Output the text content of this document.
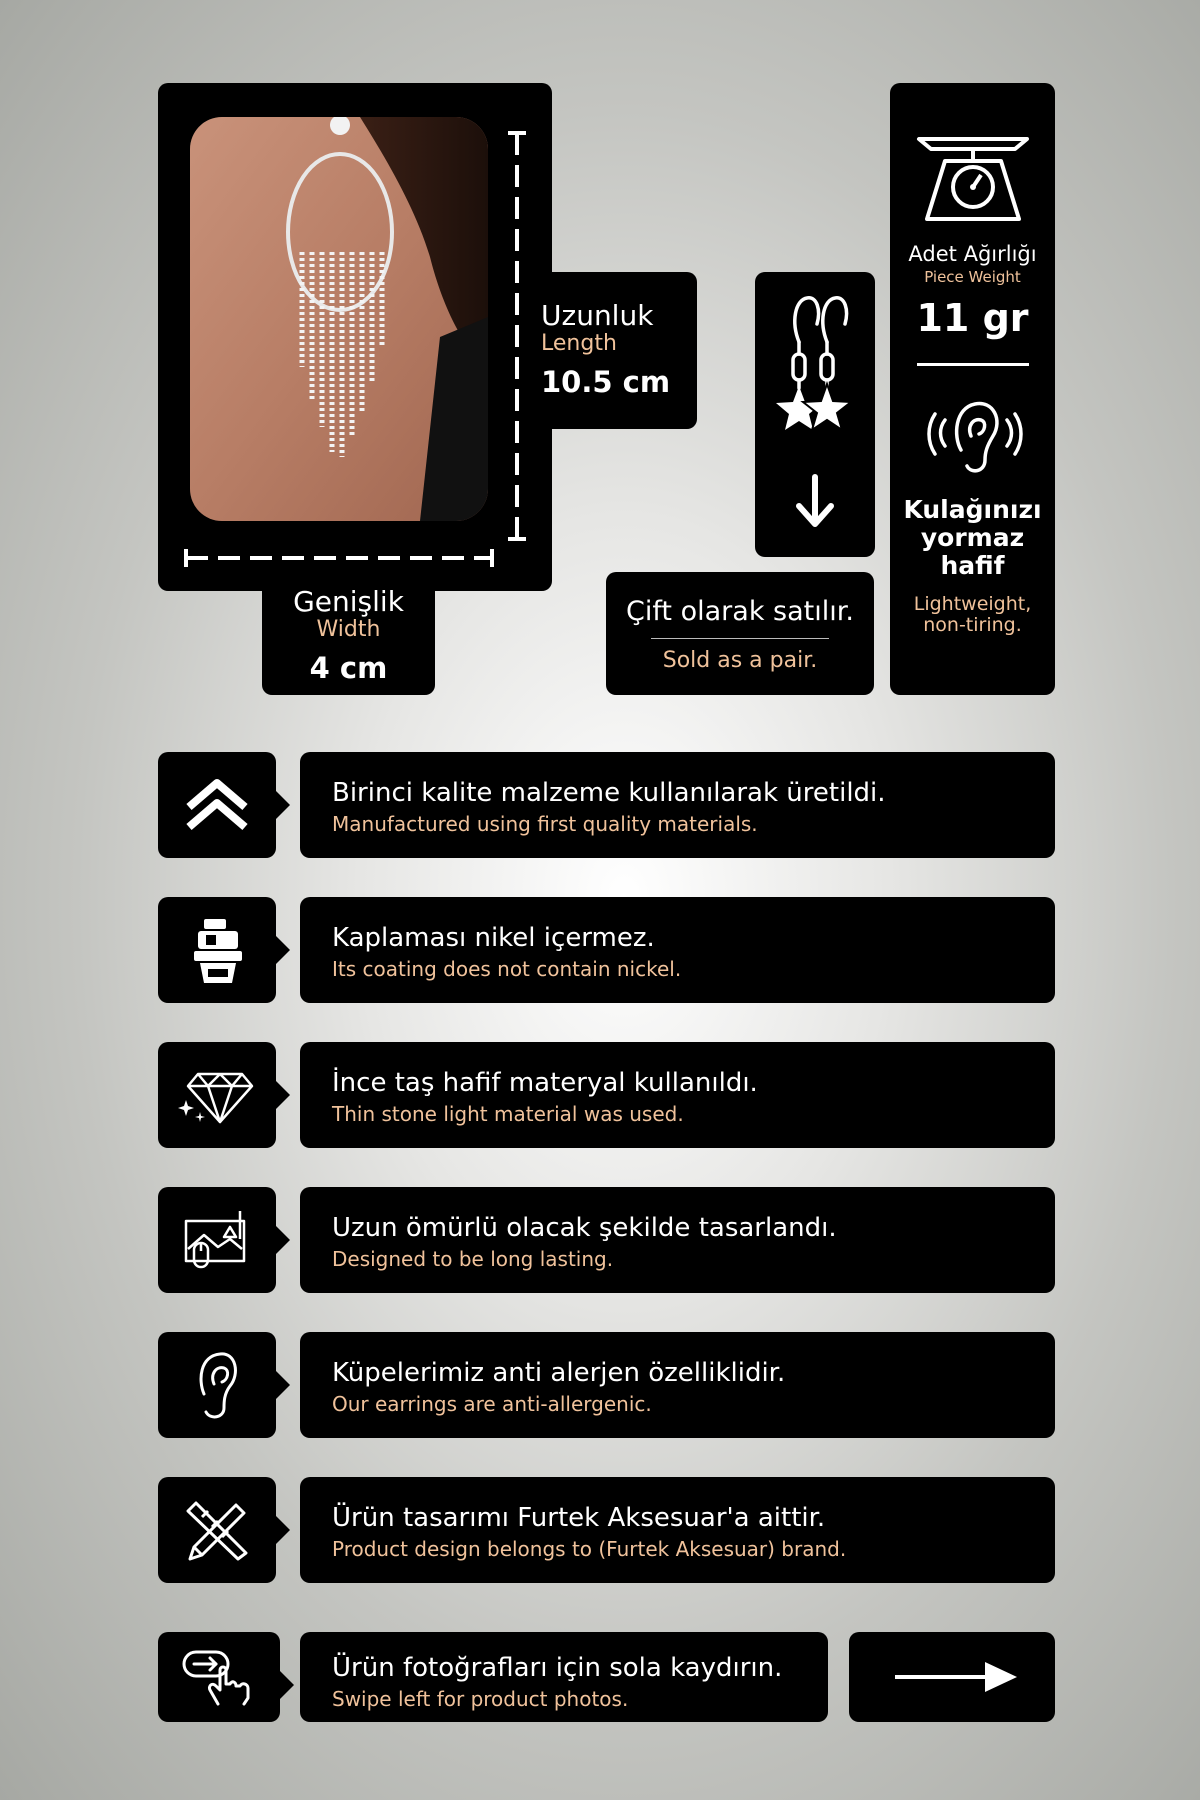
Uzunluk
Length
10.5 cm
Genişlik
Width
4 cm
Çift olarak satılır.
Sold as a pair.
Adet Ağırlığı
Piece Weight
11 gr
Kulağınızı
yormaz
hafif
Lightweight,
non-tiring.
Birinci kalite malzeme kullanılarak üretildi.
Manufactured using first quality materials.
Kaplaması nikel içermez.
Its coating does not contain nickel.
İnce taş hafif materyal kullanıldı.
Thin stone light material was used.
Uzun ömürlü olacak şekilde tasarlandı.
Designed to be long lasting.
Küpelerimiz anti alerjen özelliklidir.
Our earrings are anti-allergenic.
Ürün tasarımı Furtek Aksesuar'a aittir.
Product design belongs to (Furtek Aksesuar) brand.
Ürün fotoğrafları için sola kaydırın.
Swipe left for product photos.
